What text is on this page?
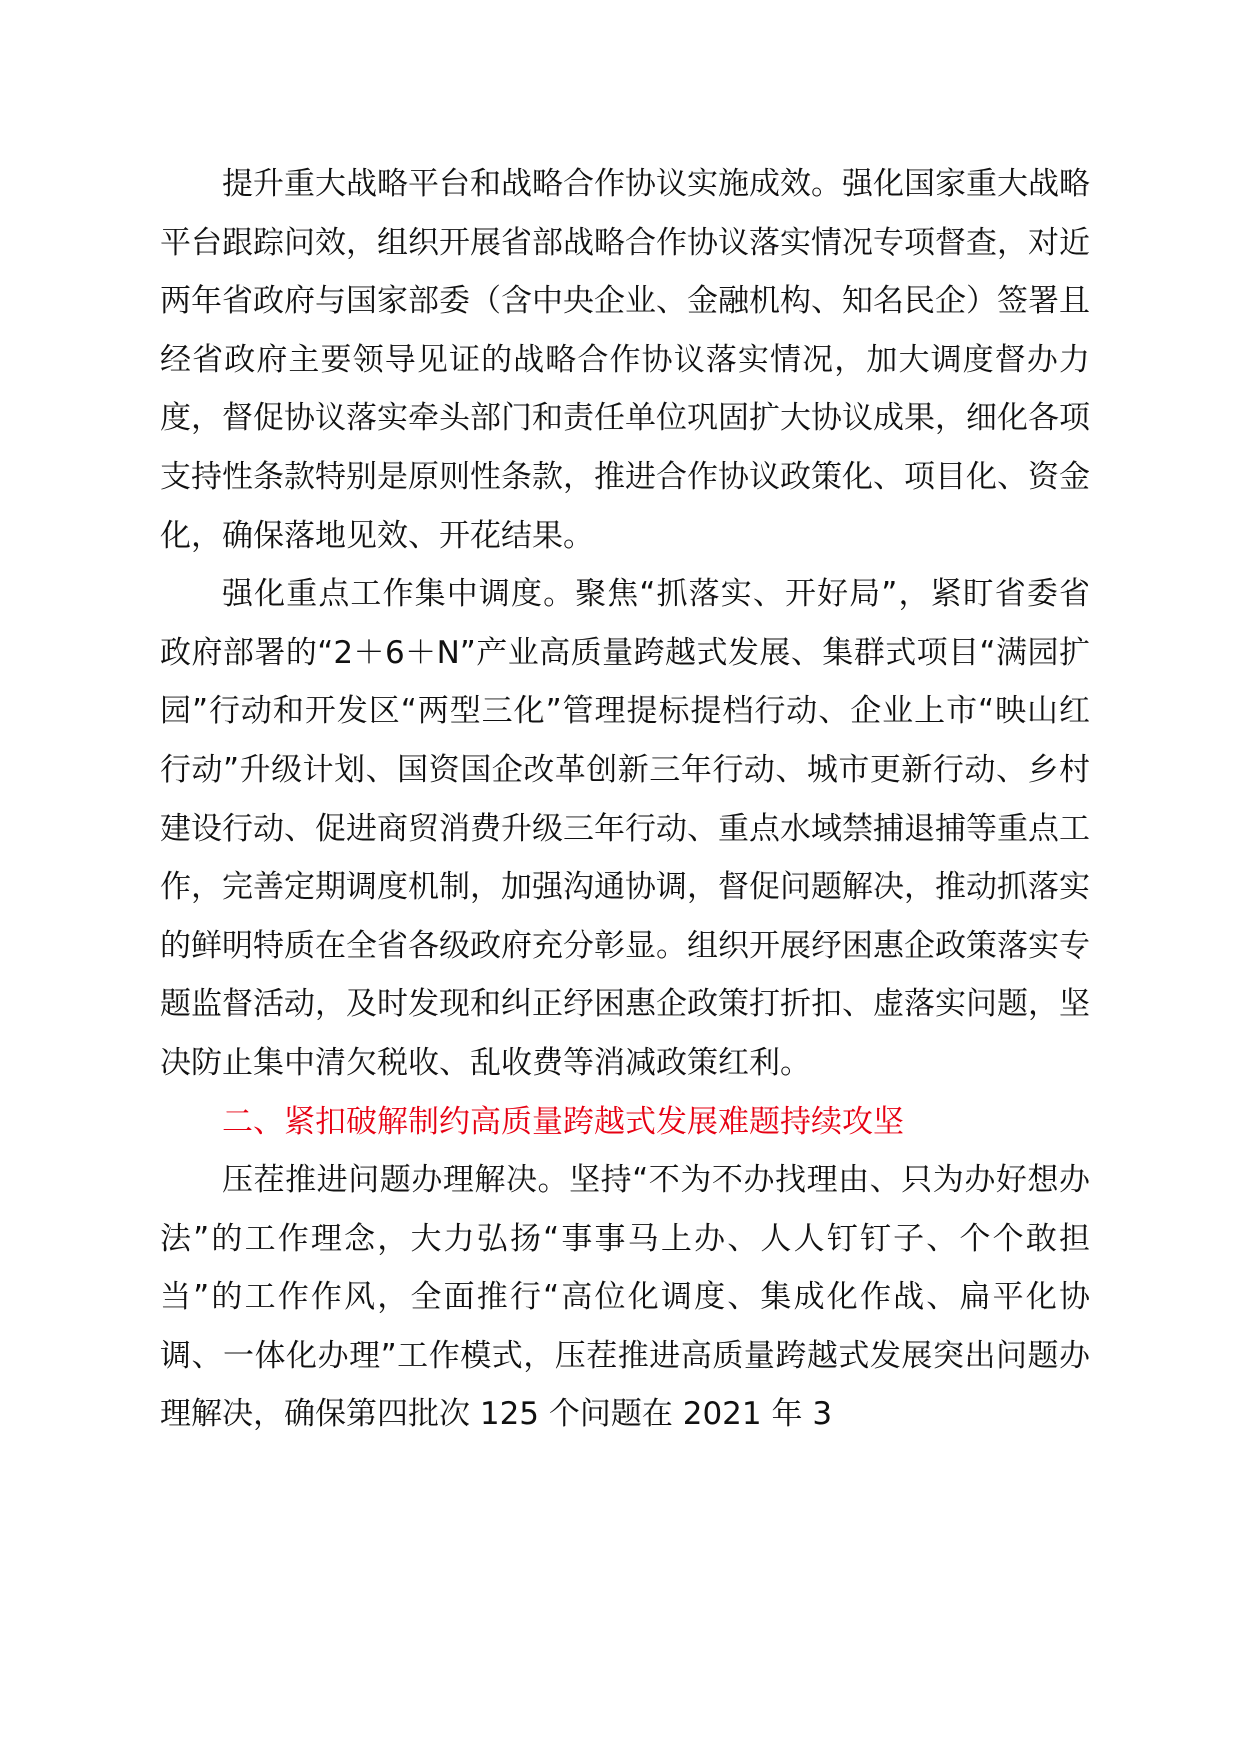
提升重大战略平台和战略合作协议实施成效。强化国家重大战略平台跟踪问效，组织开展省部战略合作协议落实情况专项督查，对近两年省政府与国家部委（含中央企业、金融机构、知名民企）签署且经省政府主要领导见证的战略合作协议落实情况，加大调度督办力度，督促协议落实牵头部门和责任单位巩固扩大协议成果，细化各项支持性条款特别是原则性条款，推进合作协议政策化、项目化、资金化，确保落地见效、开花结果。

强化重点工作集中调度。聚焦“抓落实、开好局”，紧盯省委省政府部署的“2＋6＋N”产业高质量跨越式发展、集群式项目“满园扩园”行动和开发区“两型三化”管理提标提档行动、企业上市“映山红行动”升级计划、国资国企改革创新三年行动、城市更新行动、乡村建设行动、促进商贸消费升级三年行动、重点水域禁捕退捕等重点工作，完善定期调度机制，加强沟通协调，督促问题解决，推动抓落实的鲜明特质在全省各级政府充分彰显。组织开展纾困惠企政策落实专题监督活动，及时发现和纠正纾困惠企政策打折扣、虚落实问题，坚决防止集中清欠税收、乱收费等消减政策红利。

二、紧扣破解制约高质量跨越式发展难题持续攻坚

压茬推进问题办理解决。坚持“不为不办找理由、只为办好想办法”的工作理念，大力弘扬“事事马上办、人人钉钉子、个个敢担当”的工作作风，全面推行“高位化调度、集成化作战、扁平化协调、一体化办理”工作模式，压茬推进高质量跨越式发展突出问题办理解决，确保第四批次 125 个问题在 2021 年 3
